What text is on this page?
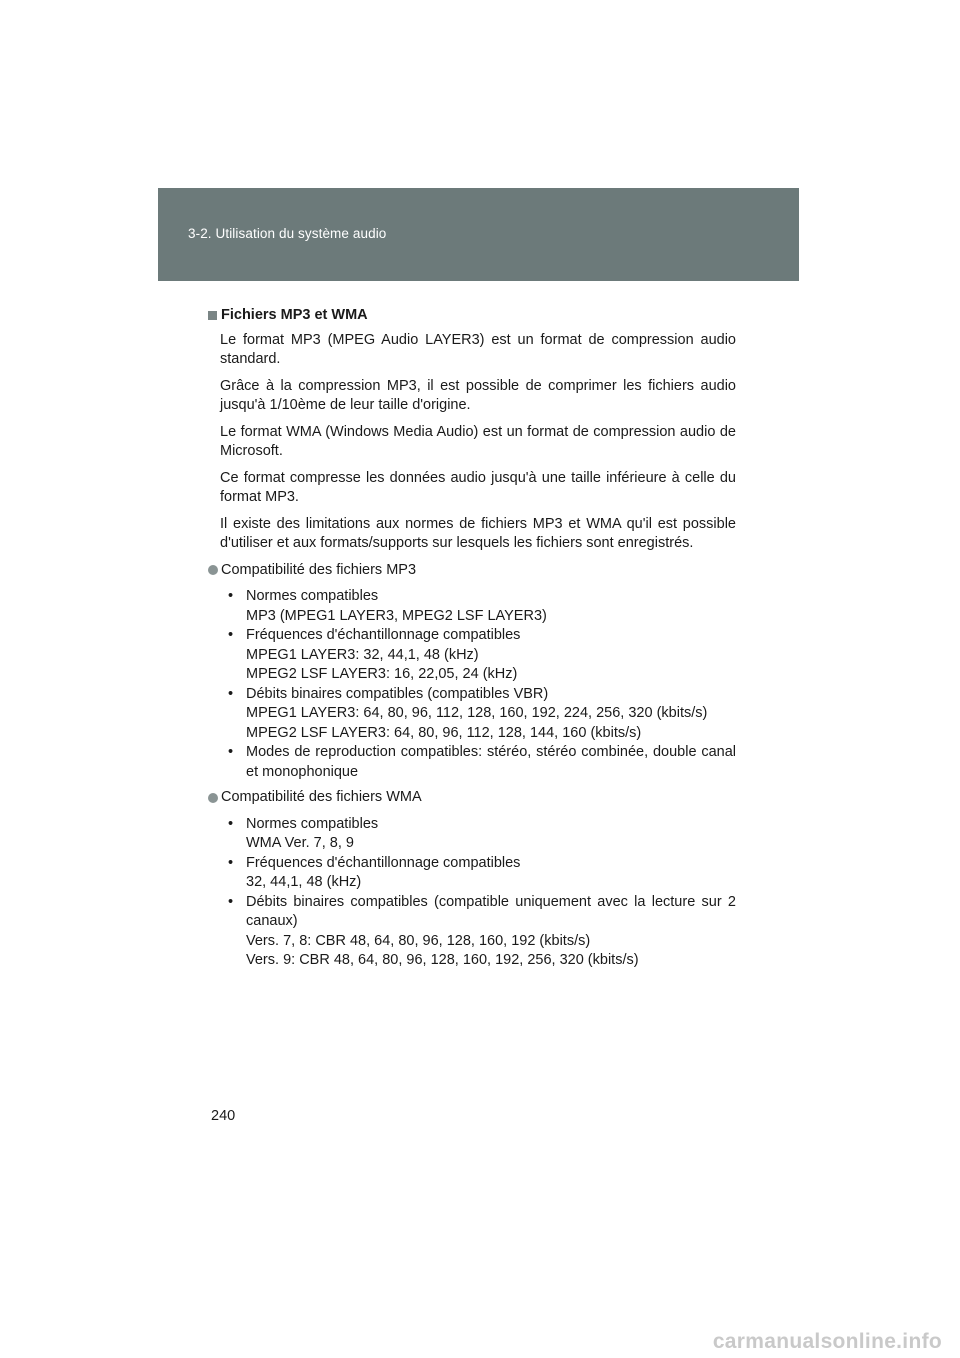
3-2. Utilisation du système audio
Fichiers MP3 et WMA

Le format MP3 (MPEG Audio LAYER3) est un format de compression audio standard.

Grâce à la compression MP3, il est possible de comprimer les fichiers audio jusqu'à 1/10ème de leur taille d'origine.

Le format WMA (Windows Media Audio) est un format de compression audio de Microsoft.

Ce format compresse les données audio jusqu'à une taille inférieure à celle du format MP3.

Il existe des limitations aux normes de fichiers MP3 et WMA qu'il est possible d'utiliser et aux formats/supports sur lesquels les fichiers sont enregistrés.

Compatibilité des fichiers MP3
• Normes compatibles
MP3 (MPEG1 LAYER3, MPEG2 LSF LAYER3)
• Fréquences d'échantillonnage compatibles
MPEG1 LAYER3: 32, 44,1, 48 (kHz)
MPEG2 LSF LAYER3: 16, 22,05, 24 (kHz)
• Débits binaires compatibles (compatibles VBR)
MPEG1 LAYER3: 64, 80, 96, 112, 128, 160, 192, 224, 256, 320 (kbits/s)
MPEG2 LSF LAYER3: 64, 80, 96, 112, 128, 144, 160 (kbits/s)
• Modes de reproduction compatibles: stéréo, stéréo combinée, double canal et monophonique
Compatibilité des fichiers WMA
• Normes compatibles
WMA Ver. 7, 8, 9
• Fréquences d'échantillonnage compatibles
32, 44,1, 48 (kHz)
• Débits binaires compatibles (compatible uniquement avec la lecture sur 2 canaux)
Vers. 7, 8: CBR 48, 64, 80, 96, 128, 160, 192 (kbits/s)
Vers. 9: CBR 48, 64, 80, 96, 128, 160, 192, 256, 320 (kbits/s)
240
carmanualsonline.info
